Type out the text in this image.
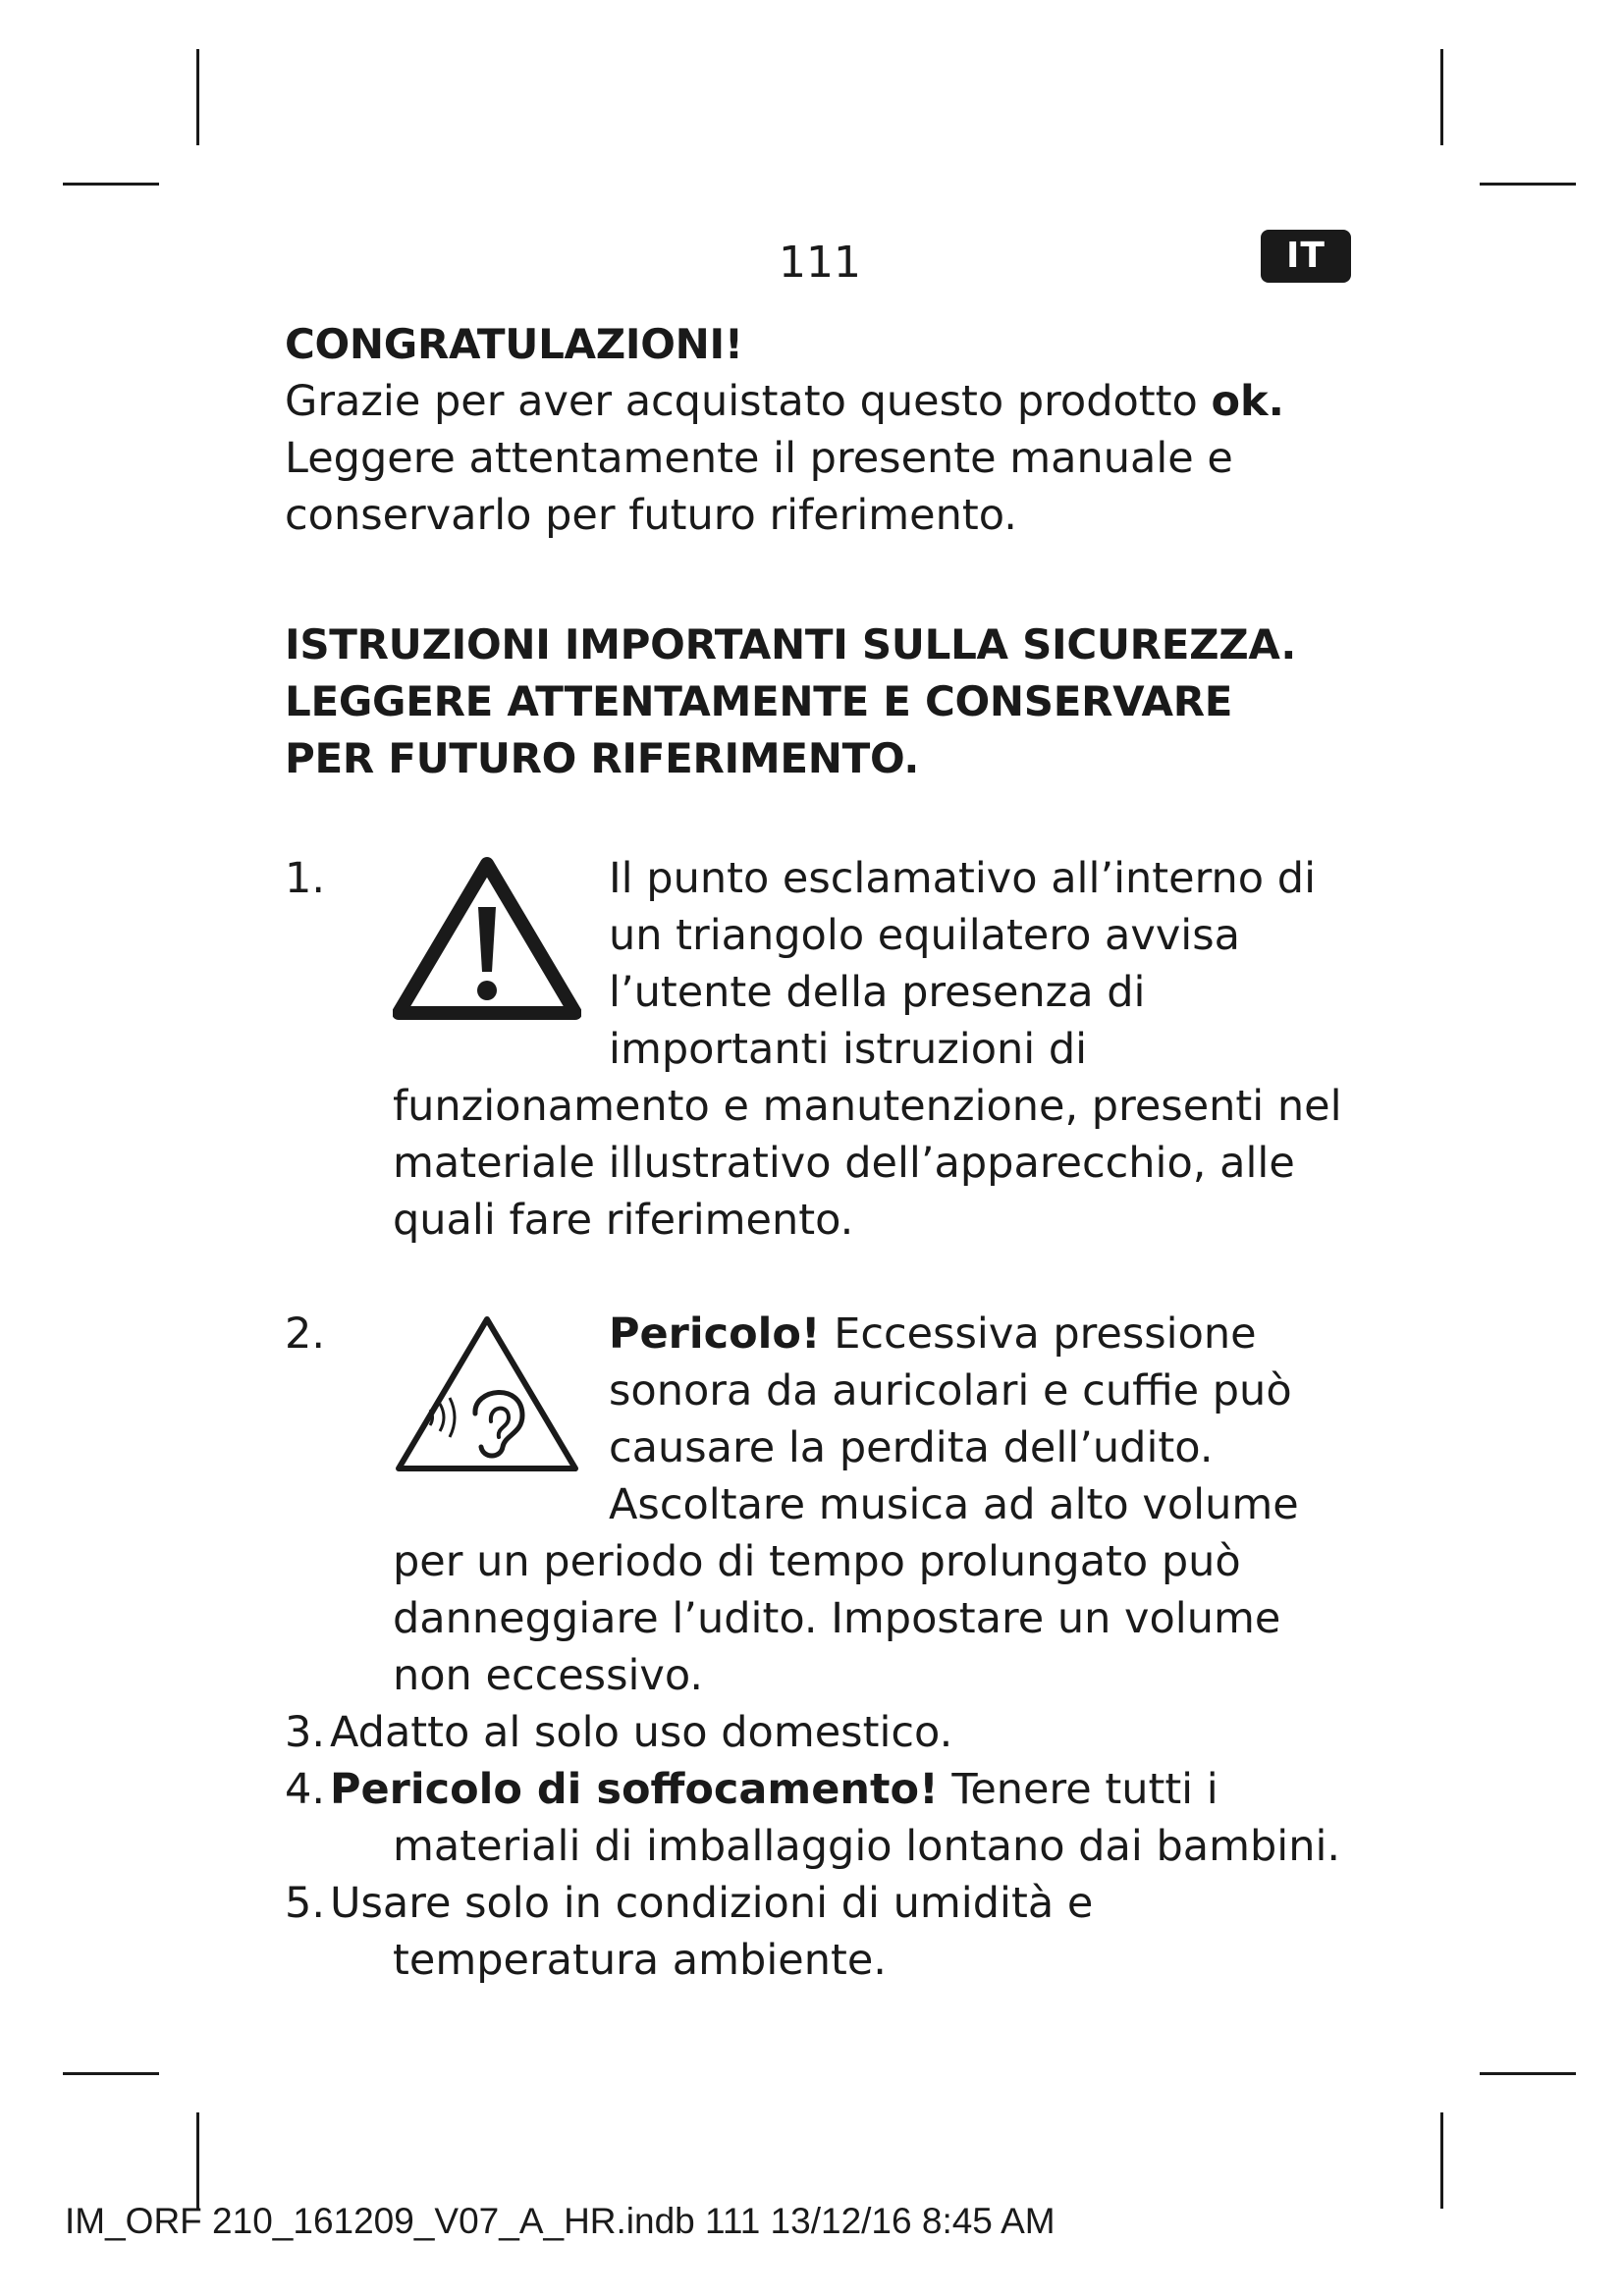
111	IT
CONGRATULAZIONI!
Grazie per aver acquistato questo prodotto ok.
Leggere attentamente il presente manuale e
conservarlo per futuro riferimento.
ISTRUZIONI IMPORTANTI SULLA SICUREZZA.
LEGGERE ATTENTAMENTE E CONSERVARE
PER FUTURO RIFERIMENTO.
1.	Il punto esclamativo all’interno di
un triangolo equilatero avvisa
l’utente della presenza di
importanti istruzioni di
funzionamento e manutenzione, presenti nel
materiale illustrativo dell’apparecchio, alle
quali fare riferimento.
2.	Pericolo! Eccessiva pressione
sonora da auricolari e cuffie può
causare la perdita dell’udito.
Ascoltare musica ad alto volume
per un periodo di tempo prolungato può
danneggiare l’udito. Impostare un volume
non eccessivo.
3. Adatto al solo uso domestico.
4. Pericolo di soffocamento! Tenere tutti i
materiali di imballaggio lontano dai bambini.
5. Usare solo in condizioni di umidità e
temperatura ambiente.
IM_ORF 210_161209_V07_A_HR.indb 111 13/12/16 8:45 AM
